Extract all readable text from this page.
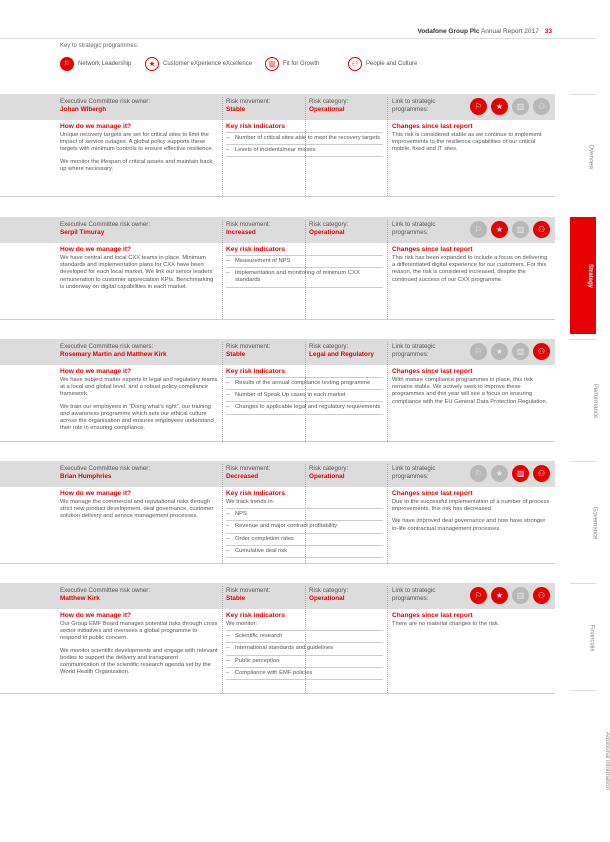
Vodafone Group Plc Annual Report 2017 33
Key to strategic programmes:
⚐	Network Leadership	★	Customer eXperience eXcellence	▥	Fit for Growth	⚇	People and Culture
Executive Committee risk owner:
Johan Wibergh
Risk movement:
Stable
Risk category:
Operational
Link to strategic programmes:	⚐	★	▥	⚇
How do we manage it?

Unique recovery targets are set for critical sites to limit the impact of service outages. A global policy supports these targets with minimum controls to ensure effective resilience.

We monitor the lifespan of critical assets and maintain back up where necessary.

Key risk indicators
– Number of critical sites able to meet the recovery targets
– Levels of incidents/near misses
Changes since last report

This risk is considered stable as we continue to implement improvements to the resilience capabilities of our critical mobile, fixed and IT sites.

Executive Committee risk owner:
Serpil Timuray
Risk movement:
Increased
Risk category:
Operational
Link to strategic programmes:	⚐	★	▥	⚇
How do we manage it?

We have central and local CXX teams in place. Minimum standards and implementation plans for CXX have been developed for each local market. We link our senior leaders’ remuneration to customer appreciation KPIs. Benchmarking is underway on digital capabilities in each market.

Key risk indicators
– Measurement of NPS
– Implementation and monitoring of minimum CXX standards
Changes since last report

This risk has been expanded to include a focus on delivering a differentiated digital experience for our customers. For this reason, the risk is considered increased, despite the continued success of our CXX programme.

Executive Committee risk owners:
Rosemary Martin and Matthew Kirk
Risk movement:
Stable
Risk category:
Legal and Regulatory
Link to strategic programmes:	⚐	★	▥	⚇
How do we manage it?

We have subject matter experts in legal and regulatory teams at a local and global level, and a robust policy compliance framework.

We train our employees in “Doing what’s right”, our training and awareness programme which sets our ethical culture across the organisation and ensures employees understand their role in ensuring compliance.

Key risk indicators
– Results of the annual compliance testing programme
– Number of Speak Up cases in each market
– Changes to applicable legal and regulatory requirements
Changes since last report

With mature compliance programmes in place, this risk remains stable. We actively seek to improve these programmes and this year will see a focus on ensuring compliance with the EU General Data Protection Regulation.

Executive Committee risk owner:
Brian Humphries
Risk movement:
Decreased
Risk category:
Operational
Link to strategic programmes:	⚐	★	▥	⚇
How do we manage it?

We manage the commercial and reputational risks through strict new product development, deal governance, customer solution delivery and service management processes.

Key risk indicators
We track trends in:
– NPS
– Revenue and major contract profitability
– Order completion rates
– Cumulative deal risk
Changes since last report

Due to the successful implementation of a number of process improvements, this risk has decreased.

We have improved deal governance and now have stronger in-life contractual management processes.

Executive Committee risk owner:
Matthew Kirk
Risk movement:
Stable
Risk category:
Operational
Link to strategic programmes:	⚐	★	▥	⚇
How do we manage it?

Our Group EMF Board manages potential risks through cross sector initiatives and oversees a global programme to respond to public concern.

We monitor scientific developments and engage with relevant bodies to support the delivery and transparent communication of the scientific research agenda set by the World Health Organization.

Key risk indicators
We monitor:
– Scientific research
– International standards and guidelines
– Public perception
– Compliance with EMF policies
Changes since last report

There are no material changes to the risk.

Overview
Strategy
Performance
Governance
Financials
Additional information
